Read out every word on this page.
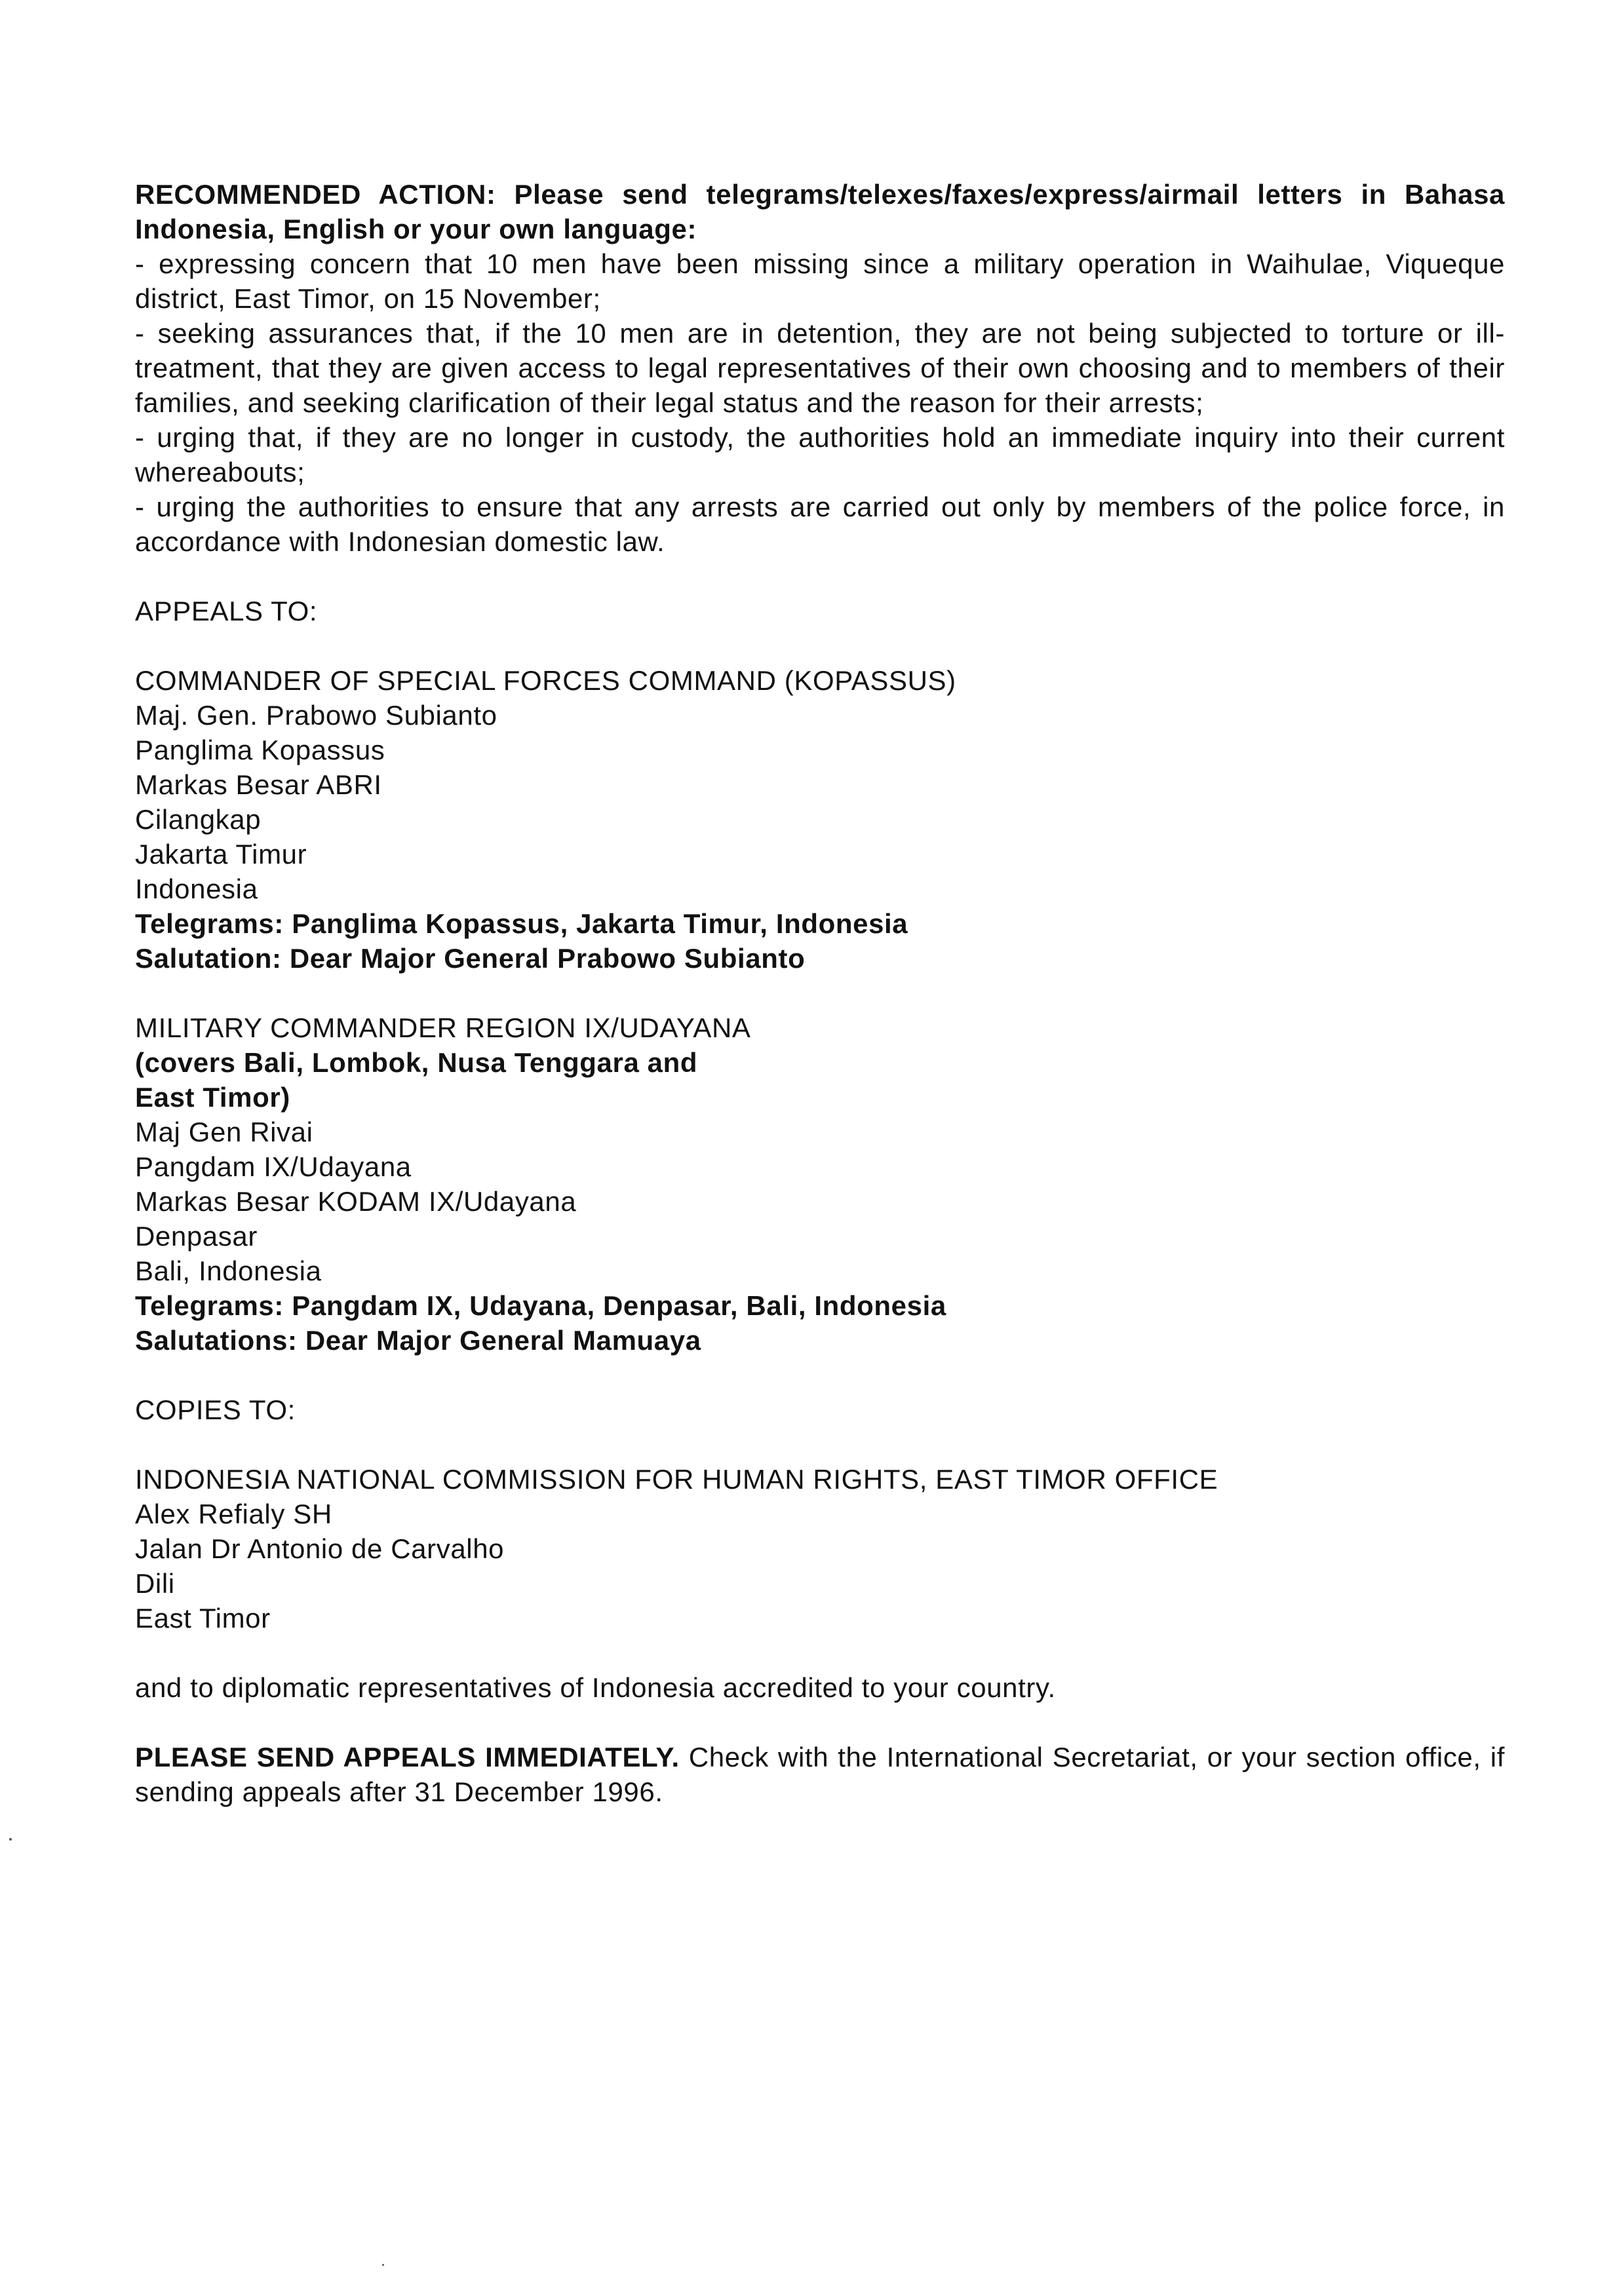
RECOMMENDED ACTION: Please send telegrams/telexes/faxes/express/airmail letters in Bahasa Indonesia, English or your own language:

- expressing concern that 10 men have been missing since a military operation in Waihulae, Viqueque district, East Timor, on 15 November;

- seeking assurances that, if the 10 men are in detention, they are not being subjected to torture or ill-treatment, that they are given access to legal representatives of their own choosing and to members of their families, and seeking clarification of their legal status and the reason for their arrests;

- urging that, if they are no longer in custody, the authorities hold an immediate inquiry into their current whereabouts;

- urging the authorities to ensure that any arrests are carried out only by members of the police force, in accordance with Indonesian domestic law.

APPEALS TO:

COMMANDER OF SPECIAL FORCES COMMAND (KOPASSUS)
Maj. Gen. Prabowo Subianto
Panglima Kopassus
Markas Besar ABRI
Cilangkap
Jakarta Timur
Indonesia
Telegrams: Panglima Kopassus, Jakarta Timur, Indonesia
Salutation: Dear Major General Prabowo Subianto
MILITARY COMMANDER REGION IX/UDAYANA
(covers Bali, Lombok, Nusa Tenggara and
East Timor)
Maj Gen Rivai
Pangdam IX/Udayana
Markas Besar KODAM IX/Udayana
Denpasar
Bali, Indonesia
Telegrams: Pangdam IX, Udayana, Denpasar, Bali, Indonesia
Salutations: Dear Major General Mamuaya

COPIES TO:

INDONESIA NATIONAL COMMISSION FOR HUMAN RIGHTS, EAST TIMOR OFFICE
Alex Refialy SH
Jalan Dr Antonio de Carvalho
Dili
East Timor

and to diplomatic representatives of Indonesia accredited to your country.

PLEASE SEND APPEALS IMMEDIATELY. Check with the International Secretariat, or your section office, if sending appeals after 31 December 1996.
